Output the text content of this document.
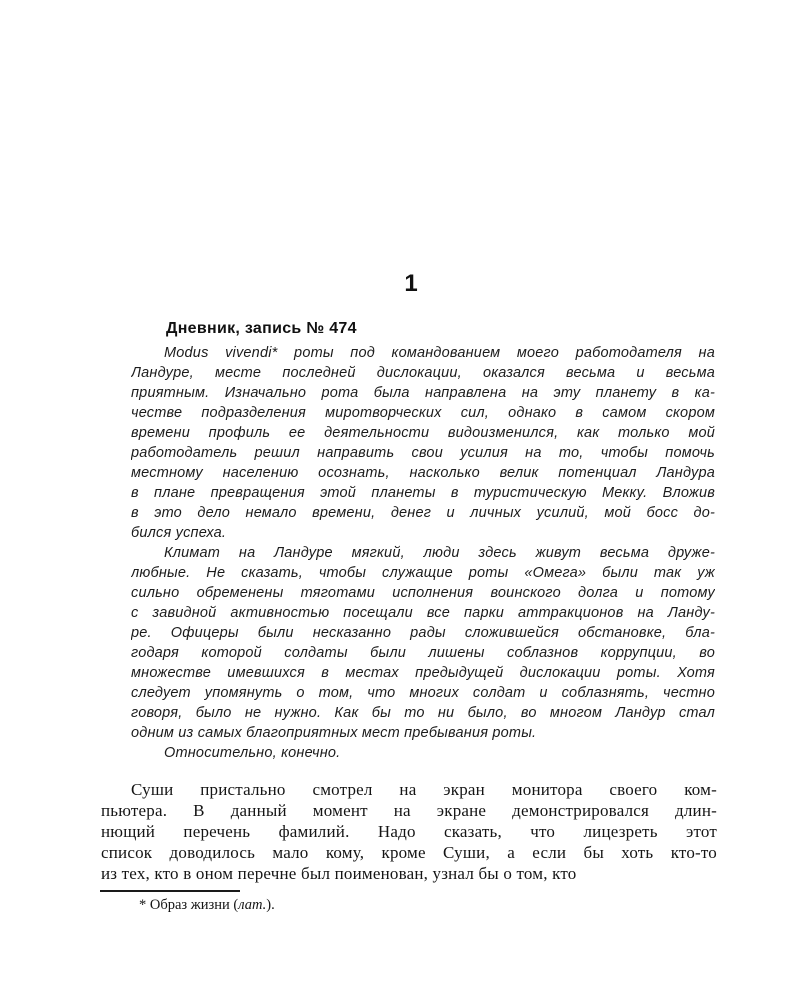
1
Дневник, запись № 474
Modus vivendi* роты под командованием моего работодателя на
Ландуре, месте последней дислокации, оказался весьма и весьма
приятным. Изначально рота была направлена на эту планету в ка-
честве подразделения миротворческих сил, однако в самом скором
времени профиль ее деятельности видоизменился, как только мой
работодатель решил направить свои усилия на то, чтобы помочь
местному населению осознать, насколько велик потенциал Ландура
в плане превращения этой планеты в туристическую Мекку. Вложив
в это дело немало времени, денег и личных усилий, мой босс до-
бился успеха.
Климат на Ландуре мягкий, люди здесь живут весьма друже-
любные. Не сказать, чтобы служащие роты «Омега» были так уж
сильно обременены тяготами исполнения воинского долга и потому
с завидной активностью посещали все парки аттракционов на Ланду-
ре. Офицеры были несказанно рады сложившейся обстановке, бла-
годаря которой солдаты были лишены соблазнов коррупции, во
множестве имевшихся в местах предыдущей дислокации роты. Хотя
следует упомянуть о том, что многих солдат и соблазнять, честно
говоря, было не нужно. Как бы то ни было, во многом Ландур стал
одним из самых благоприятных мест пребывания роты.
Относительно, конечно.
Суши пристально смотрел на экран монитора своего ком-
пьютера. В данный момент на экране демонстрировался длин-
нющий перечень фамилий. Надо сказать, что лицезреть этот
список доводилось мало кому, кроме Суши, а если бы хоть кто-то
из тех, кто в оном перечне был поименован, узнал бы о том, кто
* Образ жизни (лат.).
